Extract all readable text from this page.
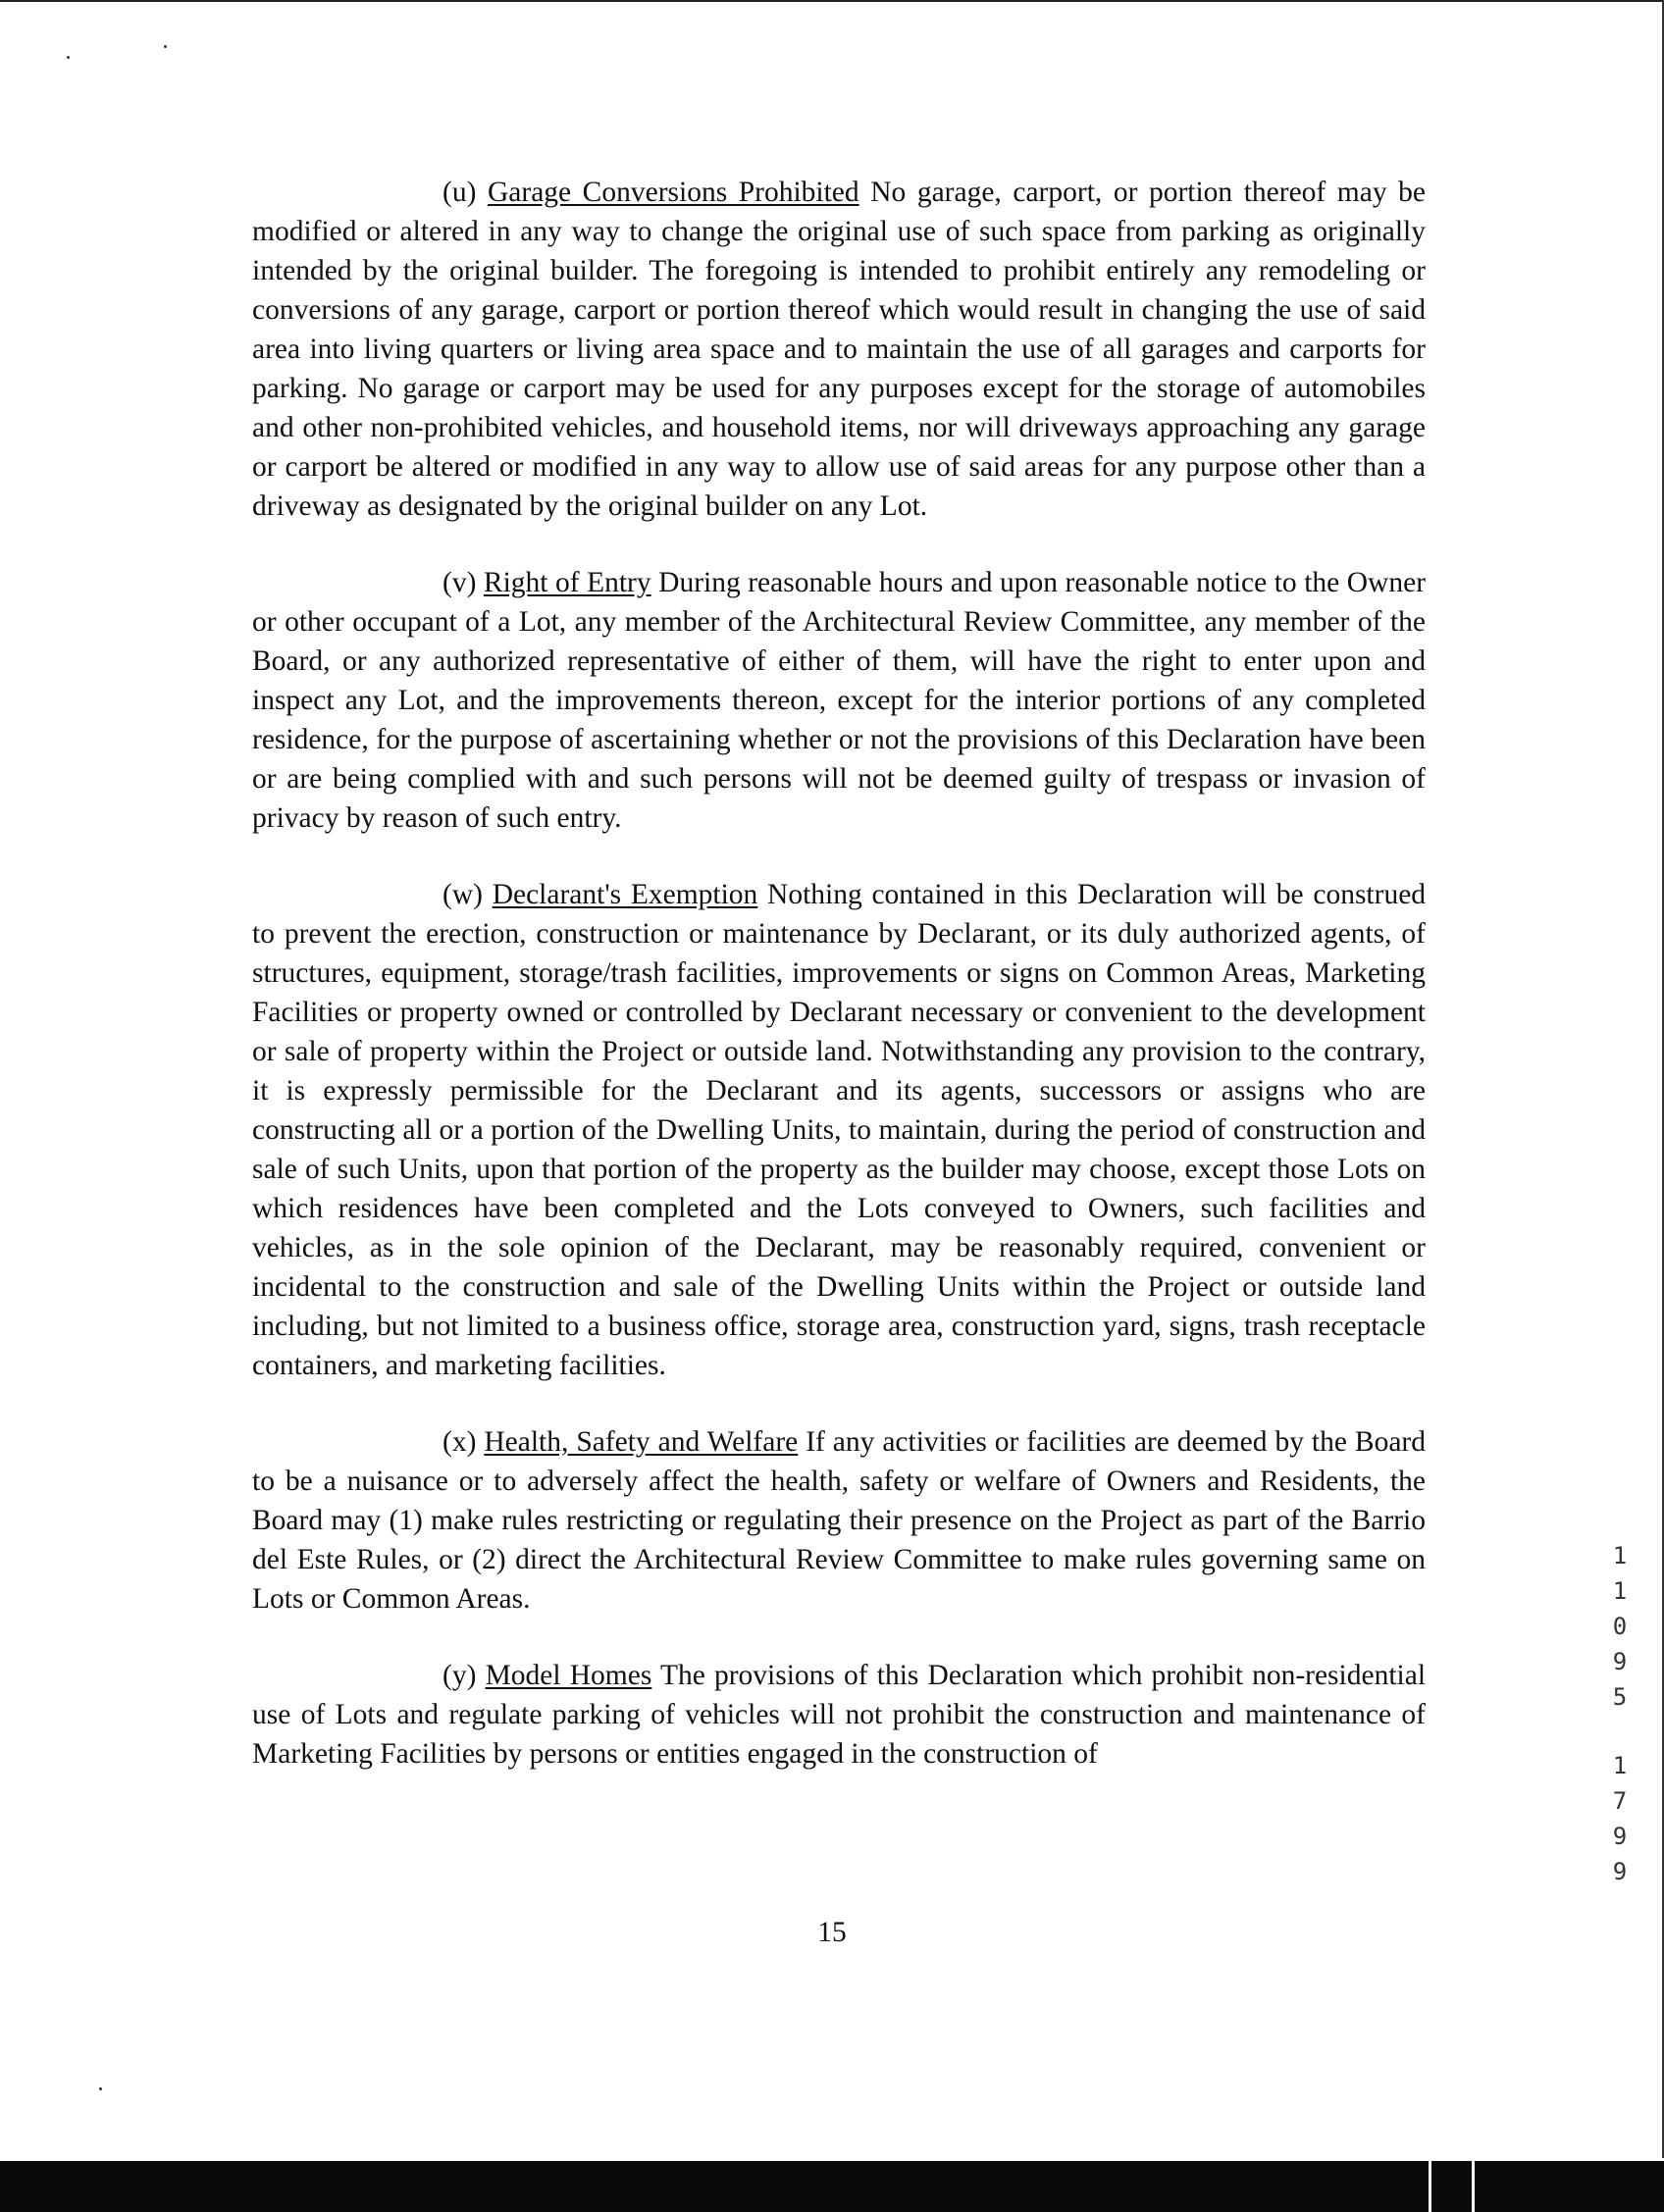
(u) Garage Conversions Prohibited No garage, carport, or portion thereof may be modified or altered in any way to change the original use of such space from parking as originally intended by the original builder. The foregoing is intended to prohibit entirely any remodeling or conversions of any garage, carport or portion thereof which would result in changing the use of said area into living quarters or living area space and to maintain the use of all garages and carports for parking. No garage or carport may be used for any purposes except for the storage of automobiles and other non-prohibited vehicles, and household items, nor will driveways approaching any garage or carport be altered or modified in any way to allow use of said areas for any purpose other than a driveway as designated by the original builder on any Lot.

(v) Right of Entry During reasonable hours and upon reasonable notice to the Owner or other occupant of a Lot, any member of the Architectural Review Committee, any member of the Board, or any authorized representative of either of them, will have the right to enter upon and inspect any Lot, and the improvements thereon, except for the interior portions of any completed residence, for the purpose of ascertaining whether or not the provisions of this Declaration have been or are being complied with and such persons will not be deemed guilty of trespass or invasion of privacy by reason of such entry.

(w) Declarant's Exemption Nothing contained in this Declaration will be construed to prevent the erection, construction or maintenance by Declarant, or its duly authorized agents, of structures, equipment, storage/trash facilities, improvements or signs on Common Areas, Marketing Facilities or property owned or controlled by Declarant necessary or convenient to the development or sale of property within the Project or outside land. Notwithstanding any provision to the contrary, it is expressly permissible for the Declarant and its agents, successors or assigns who are constructing all or a portion of the Dwelling Units, to maintain, during the period of construction and sale of such Units, upon that portion of the property as the builder may choose, except those Lots on which residences have been completed and the Lots conveyed to Owners, such facilities and vehicles, as in the sole opinion of the Declarant, may be reasonably required, convenient or incidental to the construction and sale of the Dwelling Units within the Project or outside land including, but not limited to a business office, storage area, construction yard, signs, trash receptacle containers, and marketing facilities.

(x) Health, Safety and Welfare If any activities or facilities are deemed by the Board to be a nuisance or to adversely affect the health, safety or welfare of Owners and Residents, the Board may (1) make rules restricting or regulating their presence on the Project as part of the Barrio del Este Rules, or (2) direct the Architectural Review Committee to make rules governing same on Lots or Common Areas.

(y) Model Homes The provisions of this Declaration which prohibit non-residential use of Lots and regulate parking of vehicles will not prohibit the construction and maintenance of Marketing Facilities by persons or entities engaged in the construction of

15
11095
1799
